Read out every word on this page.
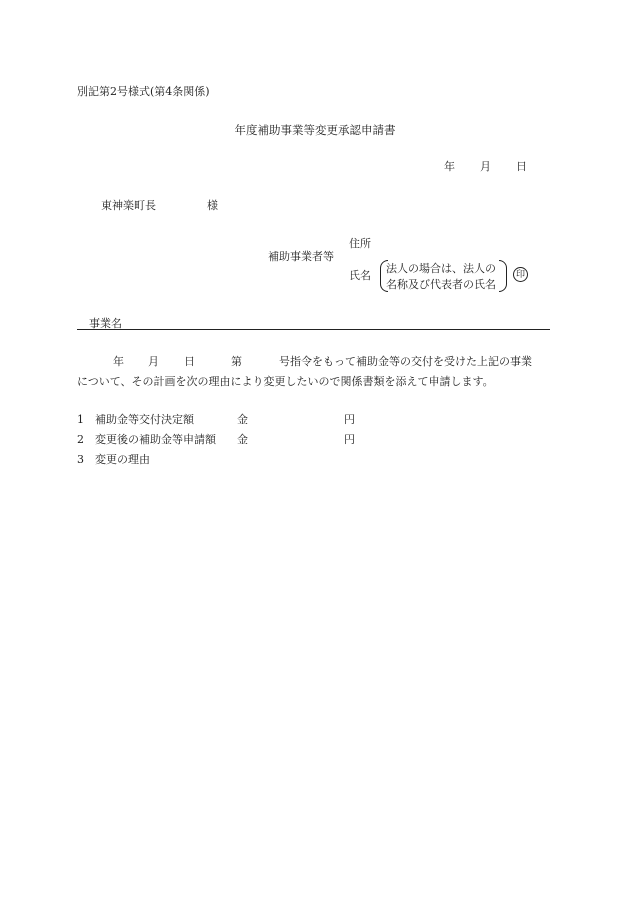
別記第2号様式(第4条関係)
年度補助事業等変更承認申請書
年 月 日
東神楽町長	様
補助事業者等
住所
氏名
法人の場合は、法人の
名称及び代表者の氏名
印
事業名
年 月 日	第	号指令をもって補助金等の交付を受けた上記の事業
について、その計画を次の理由により変更したいので関係書類を添えて申請します。
1 補助金等交付決定額	金	円
2 変更後の補助金等申請額 金	円
3 変更の理由
